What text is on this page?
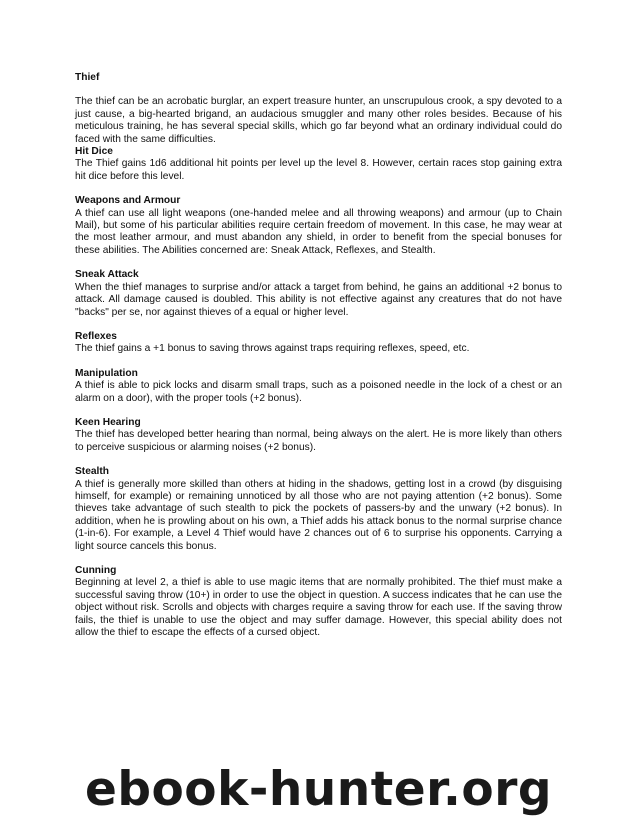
Thief

The thief can be an acrobatic burglar, an expert treasure hunter, an unscrupulous crook, a spy devoted to a just cause, a big-hearted brigand, an audacious smuggler and many other roles besides. Because of his meticulous training, he has several special skills, which go far beyond what an ordinary individual could do faced with the same difficulties.

Hit Dice

The Thief gains 1d6 additional hit points per level up the level 8. However, certain races stop gaining extra hit dice before this level.

Weapons and Armour

A thief can use all light weapons (one-handed melee and all throwing weapons) and armour (up to Chain Mail), but some of his particular abilities require certain freedom of movement. In this case, he may wear at the most leather armour, and must abandon any shield, in order to benefit from the special bonuses for these abilities. The Abilities concerned are: Sneak Attack, Reflexes, and Stealth.

Sneak Attack

When the thief manages to surprise and/or attack a target from behind, he gains an additional +2 bonus to attack. All damage caused is doubled. This ability is not effective against any creatures that do not have "backs" per se, nor against thieves of a equal or higher level.

Reflexes

The thief gains a +1 bonus to saving throws against traps requiring reflexes, speed, etc.

Manipulation

A thief is able to pick locks and disarm small traps, such as a poisoned needle in the lock of a chest or an alarm on a door), with the proper tools (+2 bonus).

Keen Hearing

The thief has developed better hearing than normal, being always on the alert. He is more likely than others to perceive suspicious or alarming noises (+2 bonus).

Stealth

A thief is generally more skilled than others at hiding in the shadows, getting lost in a crowd (by disguising himself, for example) or remaining unnoticed by all those who are not paying attention (+2 bonus). Some thieves take advantage of such stealth to pick the pockets of passers-by and the unwary (+2 bonus). In addition, when he is prowling about on his own, a Thief adds his attack bonus to the normal surprise chance (1-in-6). For example, a Level 4 Thief would have 2 chances out of 6 to surprise his opponents. Carrying a light source cancels this bonus.

Cunning

Beginning at level 2, a thief is able to use magic items that are normally prohibited. The thief must make a successful saving throw (10+) in order to use the object in question. A success indicates that he can use the object without risk. Scrolls and objects with charges require a saving throw for each use. If the saving throw fails, the thief is unable to use the object and may suffer damage. However, this special ability does not allow the thief to escape the effects of a cursed object.

ebook-hunter.org
